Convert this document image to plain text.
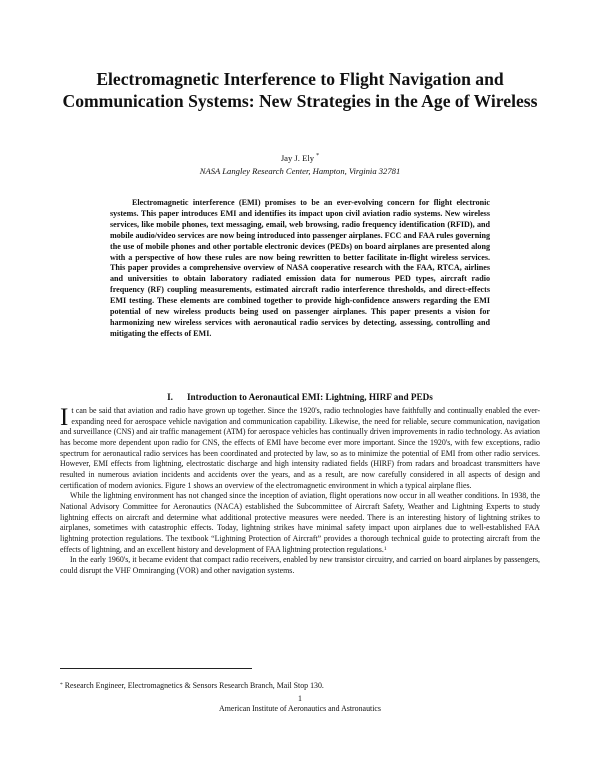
Electromagnetic Interference to Flight Navigation and Communication Systems: New Strategies in the Age of Wireless
Jay J. Ely *
NASA Langley Research Center, Hampton, Virginia 32781
Electromagnetic interference (EMI) promises to be an ever-evolving concern for flight electronic systems. This paper introduces EMI and identifies its impact upon civil aviation radio systems. New wireless services, like mobile phones, text messaging, email, web browsing, radio frequency identification (RFID), and mobile audio/video services are now being introduced into passenger airplanes. FCC and FAA rules governing the use of mobile phones and other portable electronic devices (PEDs) on board airplanes are presented along with a perspective of how these rules are now being rewritten to better facilitate in-flight wireless services. This paper provides a comprehensive overview of NASA cooperative research with the FAA, RTCA, airlines and universities to obtain laboratory radiated emission data for numerous PED types, aircraft radio frequency (RF) coupling measurements, estimated aircraft radio interference thresholds, and direct-effects EMI testing. These elements are combined together to provide high-confidence answers regarding the EMI potential of new wireless products being used on passenger airplanes. This paper presents a vision for harmonizing new wireless services with aeronautical radio services by detecting, assessing, controlling and mitigating the effects of EMI.
I. Introduction to Aeronautical EMI: Lightning, HIRF and PEDs

It can be said that aviation and radio have grown up together. Since the 1920's, radio technologies have faithfully and continually enabled the ever-expanding need for aerospace vehicle navigation and communication capability. Likewise, the need for reliable, secure communication, navigation and surveillance (CNS) and air traffic management (ATM) for aerospace vehicles has continually driven improvements in radio technology. As aviation has become more dependent upon radio for CNS, the effects of EMI have become ever more important. Since the 1920's, with few exceptions, radio spectrum for aeronautical radio services has been coordinated and protected by law, so as to minimize the potential of EMI from other radio services. However, EMI effects from lightning, electrostatic discharge and high intensity radiated fields (HIRF) from radars and broadcast transmitters have resulted in numerous aviation incidents and accidents over the years, and as a result, are now carefully considered in all aspects of design and certification of modern avionics. Figure 1 shows an overview of the electromagnetic environment in which a typical airplane flies.

While the lightning environment has not changed since the inception of aviation, flight operations now occur in all weather conditions. In 1938, the National Advisory Committee for Aeronautics (NACA) established the Subcommittee of Aircraft Safety, Weather and Lightning Experts to study lightning effects on aircraft and determine what additional protective measures were needed. There is an interesting history of lightning strikes to airplanes, sometimes with catastrophic effects. Today, lightning strikes have minimal safety impact upon airplanes due to well-established FAA lightning protection regulations. The textbook “Lightning Protection of Aircraft” provides a thorough technical guide to protecting aircraft from the effects of lightning, and an excellent history and development of FAA lightning protection regulations.$^1$

In the early 1960's, it became evident that compact radio receivers, enabled by new transistor circuitry, and carried on board airplanes by passengers, could disrupt the VHF Omniranging (VOR) and other navigation systems.

* Research Engineer, Electromagnetics & Sensors Research Branch, Mail Stop 130.
1
American Institute of Aeronautics and Astronautics
